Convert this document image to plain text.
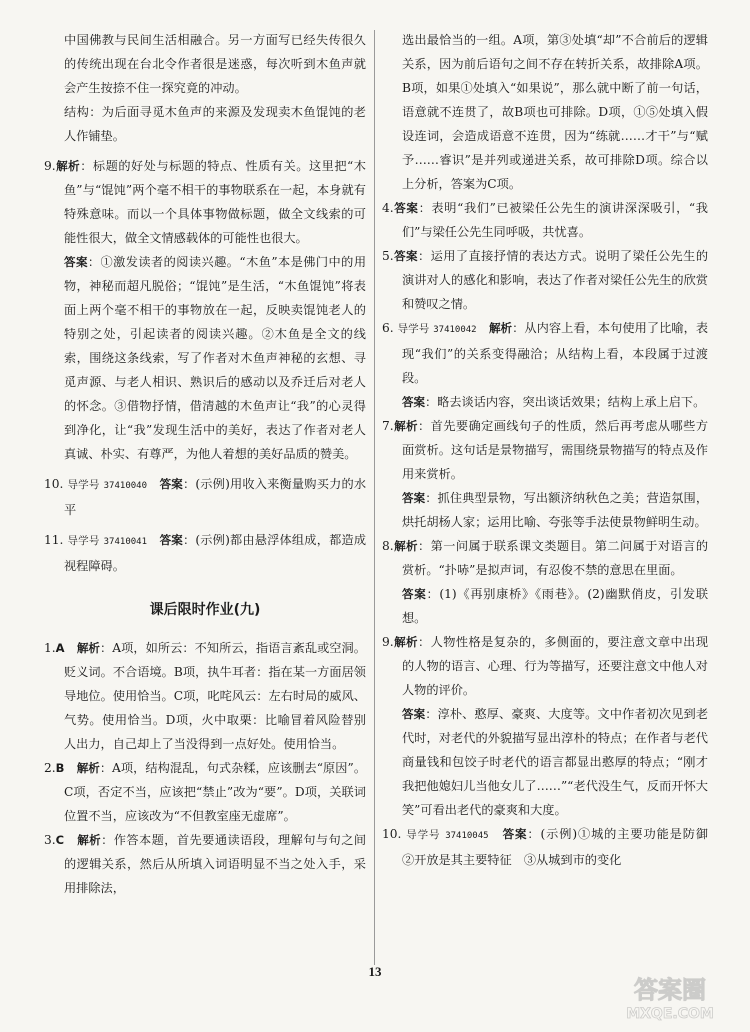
中国佛教与民间生活相融合。另一方面写已经失传很久的传统出现在台北令作者很是迷惑，每次听到木鱼声就会产生按捺不住一探究竟的冲动。

结构：为后面寻觅木鱼声的来源及发现卖木鱼馄饨的老人作铺垫。

9.解析：标题的好处与标题的特点、性质有关。这里把“木鱼”与“馄饨”两个毫不相干的事物联系在一起，本身就有特殊意味。而以一个具体事物做标题，做全文线索的可能性很大，做全文情感载体的可能性也很大。

答案：①激发读者的阅读兴趣。“木鱼”本是佛门中的用物，神秘而超凡脱俗；“馄饨”是生活，“木鱼馄饨”将表面上两个毫不相干的事物放在一起，反映卖馄饨老人的特别之处，引起读者的阅读兴趣。②木鱼是全文的线索，围绕这条线索，写了作者对木鱼声神秘的玄想、寻觅声源、与老人相识、熟识后的感动以及乔迁后对老人的怀念。③借物抒情，借清越的木鱼声让“我”的心灵得到净化，让“我”发现生活中的美好，表达了作者对老人真诚、朴实、有尊严，为他人着想的美好品质的赞美。

10. 导学号 37410040　 答案：(示例)用收入来衡量购买力的水平

11. 导学号 37410041　 答案：(示例)都由悬浮体组成，都造成视程障碍。

课后限时作业(九)

1.A　 解析：A项，如所云：不知所云，指语言紊乱或空洞。贬义词。不合语境。B项，执牛耳者：指在某一方面居领导地位。使用恰当。C项，叱咤风云：左右时局的威风、气势。使用恰当。D项，火中取栗：比喻冒着风险替别人出力，自己却上了当没得到一点好处。使用恰当。

2.B　 解析：A项，结构混乱，句式杂糅，应该删去“原因”。C项，否定不当，应该把“禁止”改为“要”。D项，关联词位置不当，应该改为“不但教室座无虚席”。

3.C　 解析：作答本题，首先要通读语段，理解句与句之间的逻辑关系，然后从所填入词语明显不当之处入手，采用排除法，

选出最恰当的一组。A项，第③处填“却”不合前后的逻辑关系，因为前后语句之间不存在转折关系，故排除A项。B项，如果①处填入“如果说”，那么就中断了前一句话，语意就不连贯了，故B项也可排除。D项，①⑤处填入假设连词，会造成语意不连贯，因为“练就……才干”与“赋予……睿识”是并列或递进关系，故可排除D项。综合以上分析，答案为C项。

4.答案：表明“我们”已被梁任公先生的演讲深深吸引，“我们”与梁任公先生同呼吸，共忧喜。

5.答案：运用了直接抒情的表达方式。说明了梁任公先生的演讲对人的感化和影响，表达了作者对梁任公先生的欣赏和赞叹之情。

6. 导学号 37410042　 解析：从内容上看，本句使用了比喻，表现“我们”的关系变得融洽；从结构上看，本段属于过渡段。

答案：略去谈话内容，突出谈话效果；结构上承上启下。

7.解析：首先要确定画线句子的性质，然后再考虑从哪些方面赏析。这句话是景物描写，需围绕景物描写的特点及作用来赏析。

答案：抓住典型景物，写出额济纳秋色之美；营造氛围，烘托胡杨人家；运用比喻、夸张等手法使景物鲜明生动。

8.解析：第一问属于联系课文类题目。第二问属于对语言的赏析。“扑哧”是拟声词，有忍俊不禁的意思在里面。

答案：(1)《再别康桥》《雨巷》。(2)幽默俏皮，引发联想。

9.解析：人物性格是复杂的，多侧面的，要注意文章中出现的人物的语言、心理、行为等描写，还要注意文中他人对人物的评价。

答案：淳朴、憨厚、豪爽、大度等。文中作者初次见到老代时，对老代的外貌描写显出淳朴的特点；在作者与老代商量钱和包饺子时老代的语言都显出憨厚的特点；“刚才我把他媳妇儿当他女儿了……”“老代没生气，反而开怀大笑”可看出老代的豪爽和大度。

10. 导学号 37410045　 答案：(示例)①城的主要功能是防御　②开放是其主要特征　③从城到市的变化

13
答案圈
MXQE.COM
